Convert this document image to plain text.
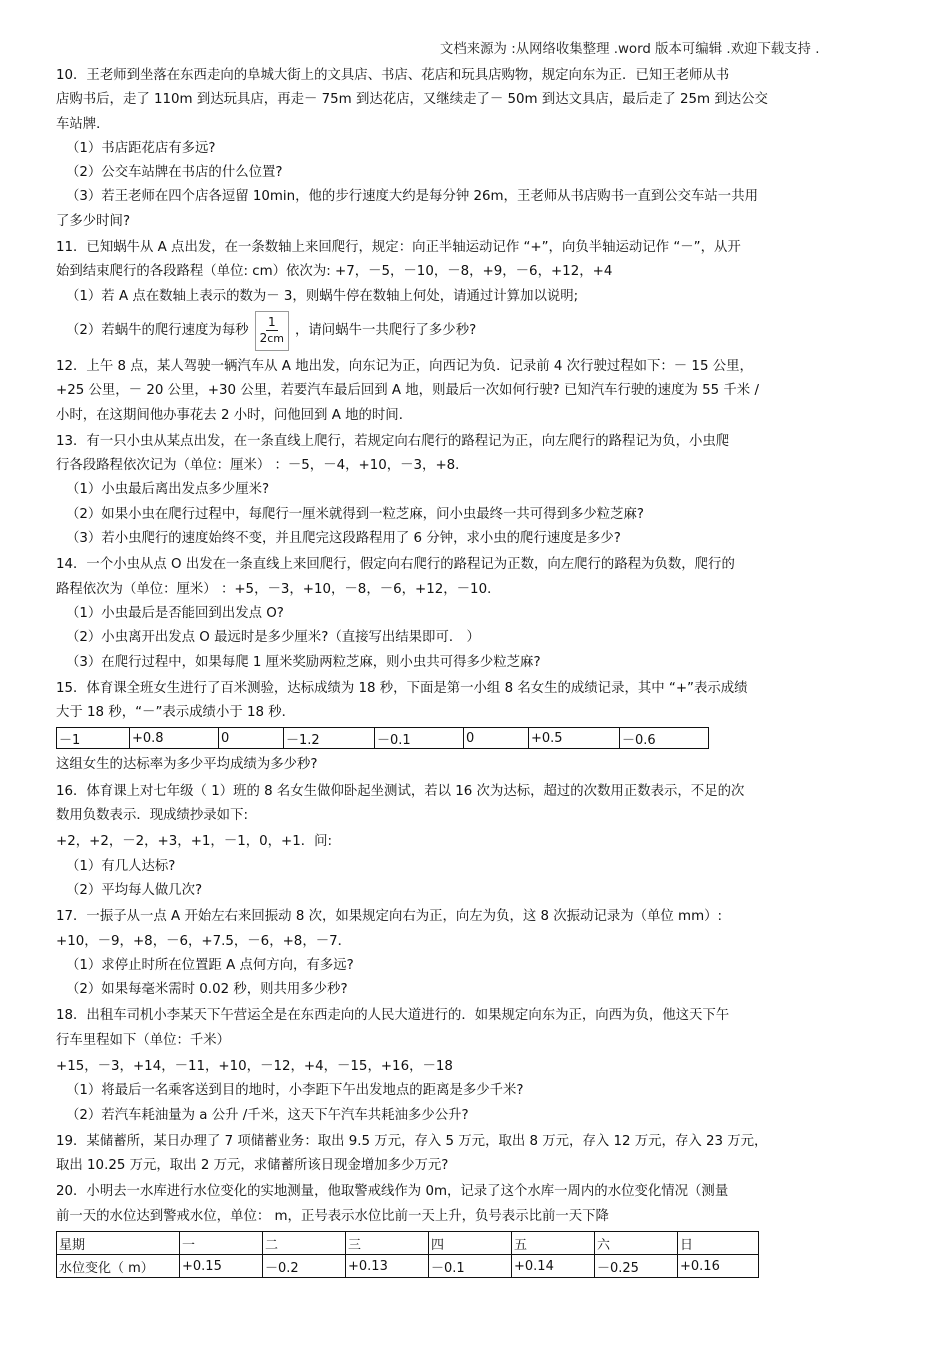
文档来源为 :从网络收集整理 .word 版本可编辑 .欢迎下载支持 .
10．王老师到坐落在东西走向的阜城大街上的文具店、书店、花店和玩具店购物，规定向东为正．已知王老师从书
店购书后，走了 110m 到达玩具店，再走－ 75m 到达花店，又继续走了－ 50m 到达文具店，最后走了 25m 到达公交
车站牌．
（1）书店距花店有多远?
（2）公交车站牌在书店的什么位置?
（3）若王老师在四个店各逗留 10min，他的步行速度大约是每分钟 26m，王老师从书店购书一直到公交车站一共用
了多少时间?
11．已知蜗牛从 A 点出发，在一条数轴上来回爬行，规定：向正半轴运动记作 “+”，向负半轴运动记作 “－”，从开
始到结束爬行的各段路程（单位: cm）依次为: +7，－5，－10，－8，+9，－6，+12，+4
（1）若 A 点在数轴上表示的数为－ 3，则蜗牛停在数轴上何处，请通过计算加以说明;
（2）若蜗牛的爬行速度为每秒 $\frac{1}{2cm}$ ，请问蜗牛一共爬行了多少秒?
12．上午 8 点，某人驾驶一辆汽车从 A 地出发，向东记为正，向西记为负．记录前 4 次行驶过程如下：－ 15 公里，
+25 公里，－ 20 公里，+30 公里，若要汽车最后回到 A 地，则最后一次如何行驶? 已知汽车行驶的速度为 55 千米 /
小时，在这期间他办事花去 2 小时，问他回到 A 地的时间．
13．有一只小虫从某点出发，在一条直线上爬行，若规定向右爬行的路程记为正，向左爬行的路程记为负，小虫爬
行各段路程依次记为（单位：厘米） ：－5，－4，+10，－3，+8．
（1）小虫最后离出发点多少厘米?
（2）如果小虫在爬行过程中，每爬行一厘米就得到一粒芝麻，问小虫最终一共可得到多少粒芝麻?
（3）若小虫爬行的速度始终不变，并且爬完这段路程用了 6 分钟，求小虫的爬行速度是多少?
14．一个小虫从点 O 出发在一条直线上来回爬行，假定向右爬行的路程记为正数，向左爬行的路程为负数，爬行的
路程依次为（单位：厘米） ：+5，－3，+10，－8，－6，+12，－10．
（1）小虫最后是否能回到出发点 O?
（2）小虫离开出发点 O 最远时是多少厘米?（直接写出结果即可． ）
（3）在爬行过程中，如果每爬 1 厘米奖励两粒芝麻，则小虫共可得多少粒芝麻?
15．体育课全班女生进行了百米测验，达标成绩为 18 秒，下面是第一小组 8 名女生的成绩记录，其中 “+”表示成绩
大于 18 秒，“－”表示成绩小于 18 秒．
－1	+0.8	0	－1.2	－0.1	0	+0.5	－0.6
这组女生的达标率为多少平均成绩为多少秒?
16．体育课上对七年级（ 1）班的 8 名女生做仰卧起坐测试，若以 16 次为达标，超过的次数用正数表示，不足的次
数用负数表示．现成绩抄录如下:
+2，+2，－2，+3，+1，－1，0，+1．问:
（1）有几人达标?
（2）平均每人做几次?
17．一振子从一点 A 开始左右来回振动 8 次，如果规定向右为正，向左为负，这 8 次振动记录为（单位 mm）:
+10，－9，+8，－6，+7.5，－6，+8，－7．
（1）求停止时所在位置距 A 点何方向，有多远?
（2）如果每毫米需时 0.02 秒，则共用多少秒?
18．出租车司机小李某天下午营运全是在东西走向的人民大道进行的．如果规定向东为正，向西为负，他这天下午
行车里程如下（单位：千米）
+15，－3，+14，－11，+10，－12，+4，－15，+16，－18
（1）将最后一名乘客送到目的地时，小李距下午出发地点的距离是多少千米?
（2）若汽车耗油量为 a 公升 /千米，这天下午汽车共耗油多少公升?
19．某储蓄所，某日办理了 7 项储蓄业务：取出 9.5 万元，存入 5 万元，取出 8 万元，存入 12 万元，存入 23 万元，
取出 10.25 万元，取出 2 万元，求储蓄所该日现金增加多少万元?
20．小明去一水库进行水位变化的实地测量，他取警戒线作为 0m，记录了这个水库一周内的水位变化情况（测量
前一天的水位达到警戒水位，单位： m，正号表示水位比前一天上升，负号表示比前一天下降
星期	一	二	三	四	五	六	日
水位变化（ m）	+0.15	－0.2	+0.13	－0.1	+0.14	－0.25	+0.16
